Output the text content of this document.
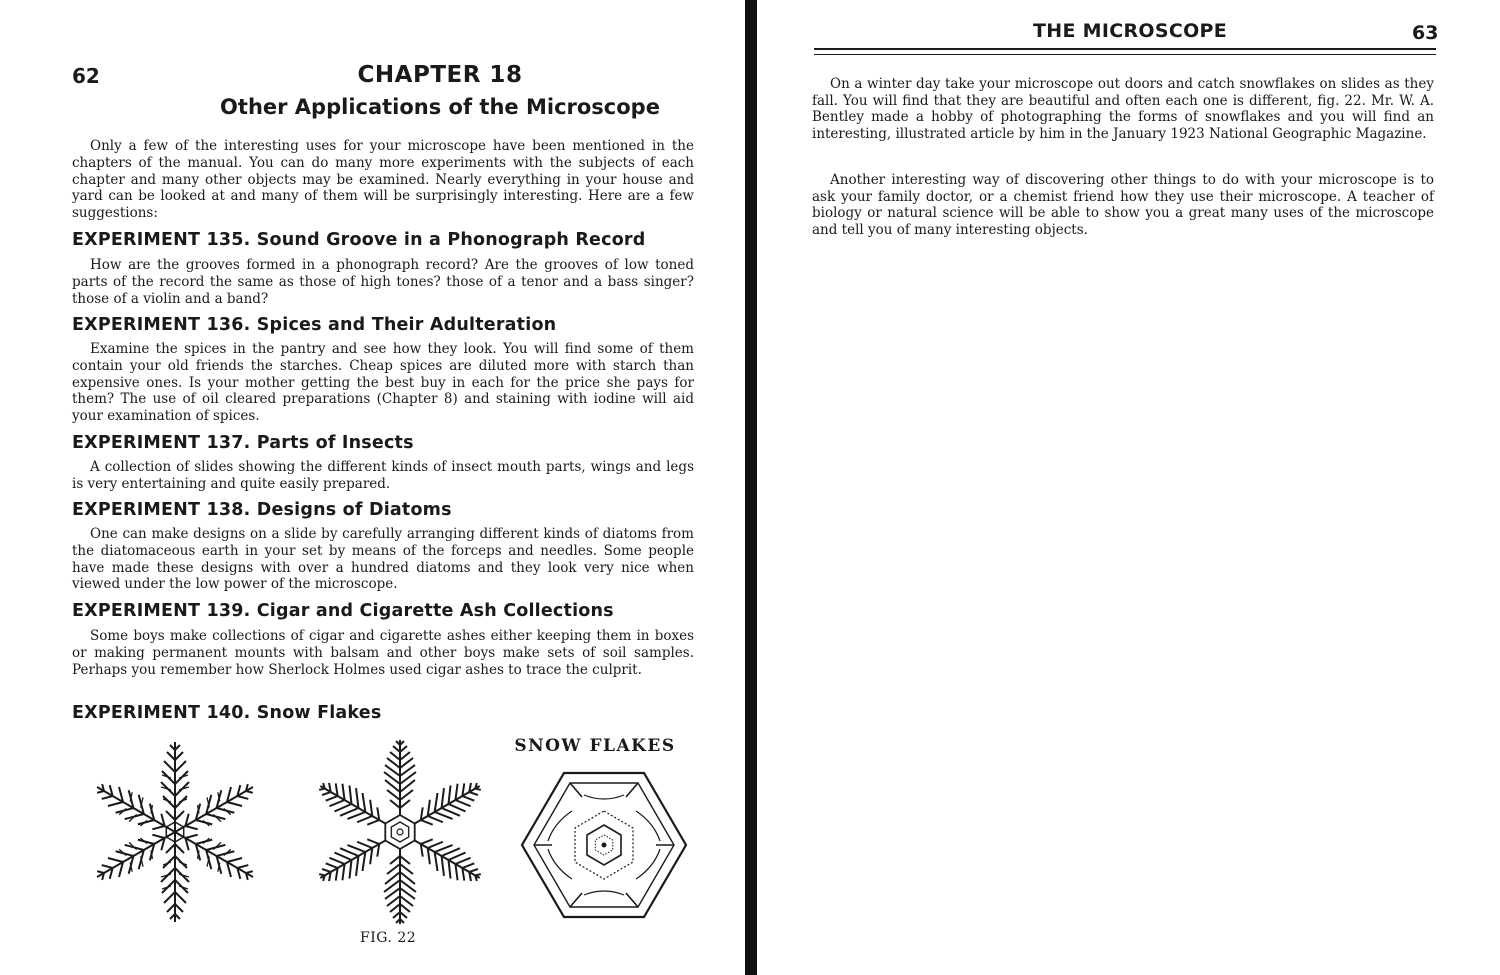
62	CHAPTER 18
Other Applications of the Microscope
Only a few of the interesting uses for your microscope have been mentioned in the chapters of the manual. You can do many more experiments with the subjects of each chapter and many other objects may be examined. Nearly everything in your house and yard can be looked at and many of them will be surprisingly interesting. Here are a few suggestions:
EXPERIMENT 135. Sound Groove in a Phonograph Record
How are the grooves formed in a phonograph record? Are the grooves of low toned parts of the record the same as those of high tones? those of a tenor and a bass singer? those of a violin and a band?
EXPERIMENT 136. Spices and Their Adulteration
Examine the spices in the pantry and see how they look. You will find some of them contain your old friends the starches. Cheap spices are diluted more with starch than expensive ones. Is your mother getting the best buy in each for the price she pays for them? The use of oil cleared preparations (Chapter 8) and staining with iodine will aid your examination of spices.
EXPERIMENT 137. Parts of Insects
A collection of slides showing the different kinds of insect mouth parts, wings and legs is very entertaining and quite easily prepared.
EXPERIMENT 138. Designs of Diatoms
One can make designs on a slide by carefully arranging different kinds of diatoms from the diatomaceous earth in your set by means of the forceps and needles. Some people have made these designs with over a hundred diatoms and they look very nice when viewed under the low power of the microscope.
EXPERIMENT 139. Cigar and Cigarette Ash Collections
Some boys make collections of cigar and cigarette ashes either keeping them in boxes or making permanent mounts with balsam and other boys make sets of soil samples. Perhaps you remember how Sherlock Holmes used cigar ashes to trace the culprit.
EXPERIMENT 140. Snow Flakes
SNOW FLAKES
FIG. 22
THE MICROSCOPE	63
On a winter day take your microscope out doors and catch snowflakes on slides as they fall. You will find that they are beautiful and often each one is different, fig. 22. Mr. W. A. Bentley made a hobby of photographing the forms of snowflakes and you will find an interesting, illustrated article by him in the January 1923 National Geographic Magazine.
Another interesting way of discovering other things to do with your microscope is to ask your family doctor, or a chemist friend how they use their microscope. A teacher of biology or natural science will be able to show you a great many uses of the microscope and tell you of many interesting objects.
